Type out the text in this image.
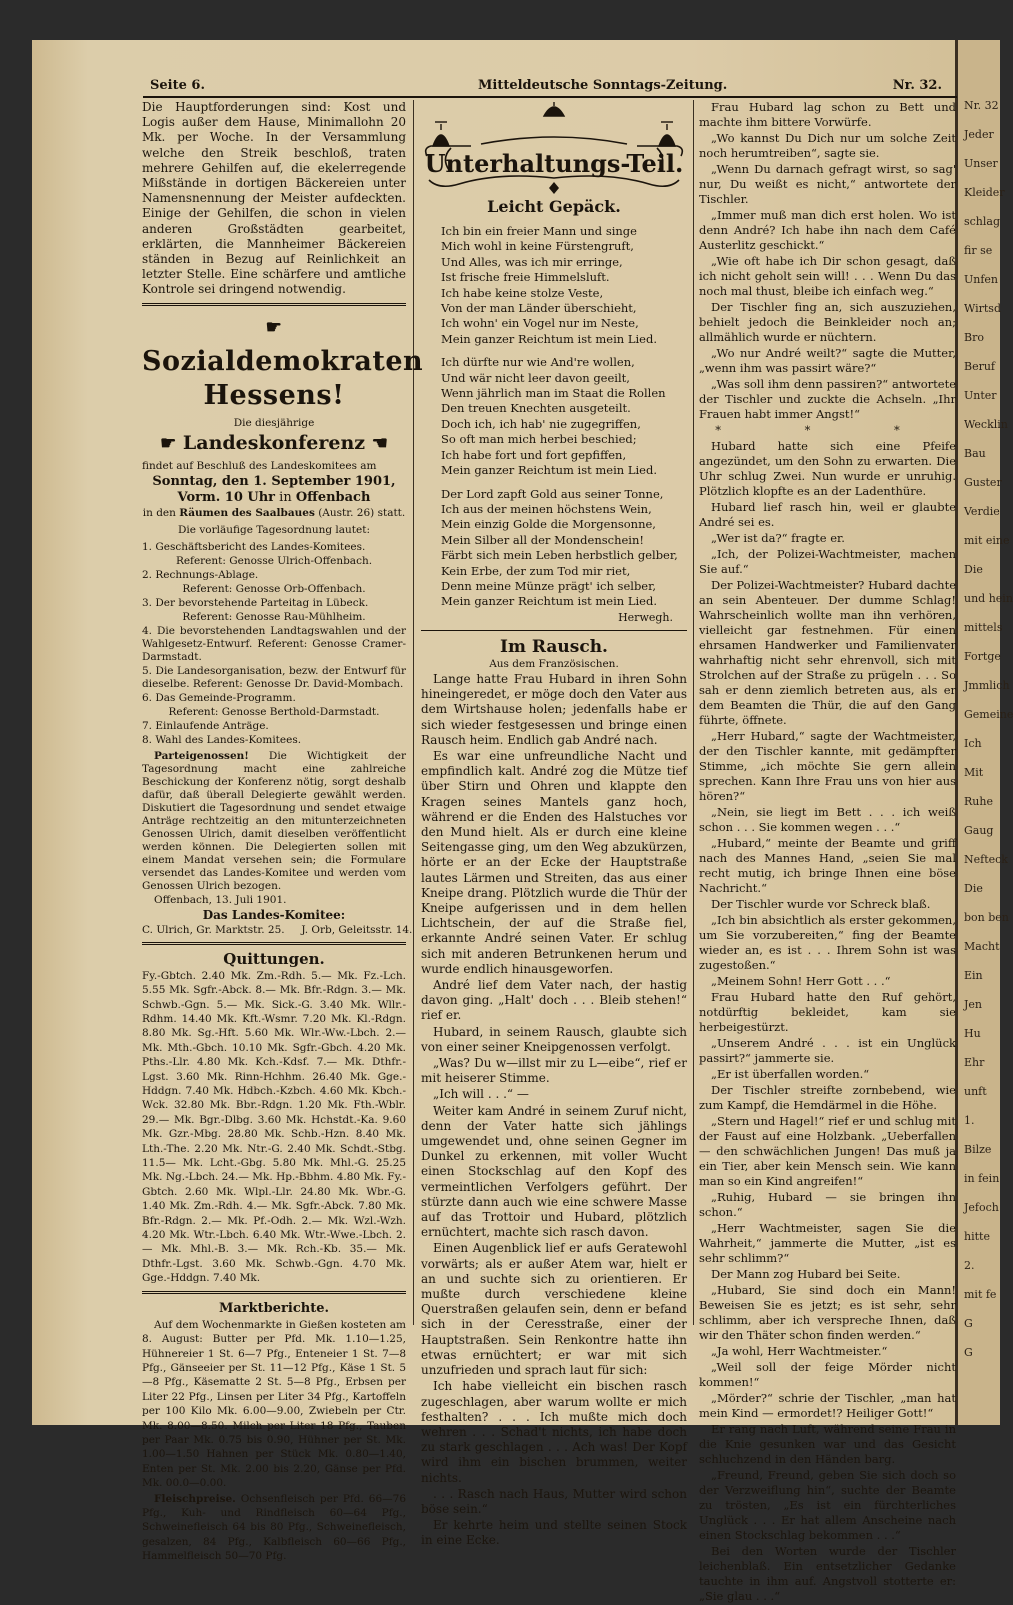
Nr. 32
Jeder
Unser
Kleider
schlag
fir se
Unfen
Wirtsd
Bro
Beruf
Unter
Wecklin
Bau
Guster
Verdie
mit eine
Die
und hein
mittels
Fortge
Jmmlich
Gemeine
Ich
Mit
Ruhe
Gaug
Nefteck
Die
bon ben
Macht
Ein
Jen
Hu
Ehr
unft
1.
Bilze
in fein
Jefoch
hitte
2.
mit fe
G
G
Seite 6.	Mitteldeutsche Sonntags-Zeitung.	Nr. 32.

Die Hauptforderungen sind: Kost und Logis außer dem Hause, Minimallohn 20 Mk. per Woche. In der Versammlung welche den Streik beschloß, traten mehrere Gehilfen auf, die ekelerregende Mißstände in dortigen Bäckereien unter Namensnennung der Meister aufdeckten. Einige der Gehilfen, die schon in vielen anderen Großstädten gearbeitet, erklärten, die Mannheimer Bäckereien ständen in Bezug auf Reinlichkeit an letzter Stelle. Eine schärfere und amtliche Kontrole sei dringend notwendig.

☛ Sozialdemokraten
Hessens!

Die diesjährige

☛ Landeskonferenz ☚

findet auf Beschluß des Landeskomitees am

Sonntag, den 1. September 1901,

Vorm. 10 Uhr in Offenbach

in den Räumen des Saalbaues (Austr. 26) statt.

Die vorläufige Tagesordnung lautet:

1. Geschäftsbericht des Landes-Komitees.

Referent: Genosse Ulrich-Offenbach.

2. Rechnungs-Ablage.

Referent: Genosse Orb-Offenbach.

3. Der bevorstehende Parteitag in Lübeck.

Referent: Genosse Rau-Mühlheim.

4. Die bevorstehenden Landtagswahlen und der Wahlgesetz-Entwurf. Referent: Genosse Cramer-Darmstadt.

5. Die Landesorganisation, bezw. der Entwurf für dieselbe. Referent: Genosse Dr. David-Mombach.

6. Das Gemeinde-Programm.

Referent: Genosse Berthold-Darmstadt.

7. Einlaufende Anträge.

8. Wahl des Landes-Komitees.

Parteigenossen! Die Wichtigkeit der Tagesordnung macht eine zahlreiche Beschickung der Konferenz nötig, sorgt deshalb dafür, daß überall Delegierte gewählt werden. Diskutiert die Tagesordnung und sendet etwaige Anträge rechtzeitig an den mitunterzeichneten Genossen Ulrich, damit dieselben veröffentlicht werden können. Die Delegierten sollen mit einem Mandat versehen sein; die Formulare versendet das Landes-Komitee und werden vom Genossen Ulrich bezogen.

Offenbach, 13. Juli 1901.

Das Landes-Komitee:

C. Ulrich, Gr. Marktstr. 25.     J. Orb, Geleitsstr. 14.

Quittungen.

Fy.-Gbtch. 2.40 Mk. Zm.-Rdh. 5.— Mk. Fz.-Lch. 5.55 Mk. Sgfr.-Abck. 8.— Mk. Bfr.-Rdgn. 3.— Mk. Schwb.-Ggn. 5.— Mk. Sick.-G. 3.40 Mk. Wllr.-Rdhm. 14.40 Mk. Kft.-Wsmr. 7.20 Mk. Kl.-Rdgn. 8.80 Mk. Sg.-Hft. 5.60 Mk. Wlr.-Ww.-Lbch. 2.— Mk. Mth.-Gbch. 10.10 Mk. Sgfr.-Gbch. 4.20 Mk. Pths.-Llr. 4.80 Mk. Kch.-Kdsf. 7.— Mk. Dthfr.-Lgst. 3.60 Mk. Rinn-Hchhm. 26.40 Mk. Gge.-Hddgn. 7.40 Mk. Hdbch.-Kzbch. 4.60 Mk. Kbch.-Wck. 32.80 Mk. Bbr.-Rdgn. 1.20 Mk. Fth.-Wblr. 29.— Mk. Bgr.-Dlbg. 3.60 Mk. Hchstdt.-Ka. 9.60 Mk. Gzr.-Mbg. 28.80 Mk. Schb.-Hzn. 8.40 Mk. Lth.-The. 2.20 Mk. Ntr.-G. 2.40 Mk. Schdt.-Stbg. 11.5— Mk. Lcht.-Gbg. 5.80 Mk. Mhl.-G. 25.25 Mk. Ng.-Lbch. 24.— Mk. Hp.-Bbhm. 4.80 Mk. Fy.-Gbtch. 2.60 Mk. Wlpl.-Llr. 24.80 Mk. Wbr.-G. 1.40 Mk. Zm.-Rdh. 4.— Mk. Sgfr.-Abck. 7.80 Mk. Bfr.-Rdgn. 2.— Mk. Pf.-Odh. 2.— Mk. Wzl.-Wzh. 4.20 Mk. Wtr.-Lbch. 6.40 Mk. Wtr.-Wwe.-Lbch. 2.— Mk. Mhl.-B. 3.— Mk. Rch.-Kb. 35.— Mk. Dthfr.-Lgst. 3.60 Mk. Schwb.-Ggn. 4.70 Mk. Gge.-Hddgn. 7.40 Mk.

Marktberichte.

Auf dem Wochenmarkte in Gießen kosteten am 8. August: Butter per Pfd. Mk. 1.10—1.25, Hühnereier 1 St. 6—7 Pfg., Enteneier 1 St. 7—8 Pfg., Gänseeier per St. 11—12 Pfg., Käse 1 St. 5—8 Pfg., Käsematte 2 St. 5—8 Pfg., Erbsen per Liter 22 Pfg., Linsen per Liter 34 Pfg., Kartoffeln per 100 Kilo Mk. 6.00—9.00, Zwiebeln per Ctr. Mk. 8.00—8.50. Milch per Liter 18 Pfg., Tauben per Paar Mk. 0.75 bis 0.90, Hühner per St. Mk. 1.00—1.50 Hahnen per Stück Mk. 0.80—1.40, Enten per St. Mk. 2.00 bis 2.20, Gänse per Pfd. Mk. 00.0—0.00.

Fleischpreise. Ochsenfleisch per Pfd. 66—76 Pfg., Kuh- und Rindfleisch 60—64 Pfg., Schweinefleisch 64 bis 80 Pfg., Schweinefleisch, gesalzen, 84 Pfg., Kalbfleisch 60—66 Pfg., Hammelfleisch 50—70 Pfg.

Unterhaltungs-Teil.
Leicht Gepäck.
Ich bin ein freier Mann und singe
Mich wohl in keine Fürstengruft,
Und Alles, was ich mir erringe,
Ist frische freie Himmelsluft.
Ich habe keine stolze Veste,
Von der man Länder überschieht,
Ich wohn' ein Vogel nur im Neste,
Mein ganzer Reichtum ist mein Lied.
Ich dürfte nur wie And're wollen,
Und wär nicht leer davon geeilt,
Wenn jährlich man im Staat die Rollen
Den treuen Knechten ausgeteilt.
Doch ich, ich hab' nie zugegriffen,
So oft man mich herbei beschied;
Ich habe fort und fort gepfiffen,
Mein ganzer Reichtum ist mein Lied.
Der Lord zapft Gold aus seiner Tonne,
Ich aus der meinen höchstens Wein,
Mein einzig Golde die Morgensonne,
Mein Silber all der Mondenschein!
Färbt sich mein Leben herbstlich gelber,
Kein Erbe, der zum Tod mir riet,
Denn meine Münze prägt' ich selber,
Mein ganzer Reichtum ist mein Lied.
Herwegh.
Im Rausch.

Aus dem Französischen.

Lange hatte Frau Hubard in ihren Sohn hineingeredet, er möge doch den Vater aus dem Wirtshause holen; jedenfalls habe er sich wieder festgesessen und bringe einen Rausch heim. Endlich gab André nach.

Es war eine unfreundliche Nacht und empfindlich kalt. André zog die Mütze tief über Stirn und Ohren und klappte den Kragen seines Mantels ganz hoch, während er die Enden des Halstuches vor den Mund hielt. Als er durch eine kleine Seitengasse ging, um den Weg abzukürzen, hörte er an der Ecke der Hauptstraße lautes Lärmen und Streiten, das aus einer Kneipe drang. Plötzlich wurde die Thür der Kneipe aufgerissen und in dem hellen Lichtschein, der auf die Straße fiel, erkannte André seinen Vater. Er schlug sich mit anderen Betrunkenen herum und wurde endlich hinausgeworfen.

André lief dem Vater nach, der hastig davon ging. „Halt' doch . . . Bleib stehen!“ rief er.

Hubard, in seinem Rausch, glaubte sich von einer seiner Kneipgenossen verfolgt.

„Was? Du w—illst mir zu L—eibe“, rief er mit heiserer Stimme.

„Ich will . . .“ —

Weiter kam André in seinem Zuruf nicht, denn der Vater hatte sich jählings umgewendet und, ohne seinen Gegner im Dunkel zu erkennen, mit voller Wucht einen Stockschlag auf den Kopf des vermeintlichen Verfolgers geführt. Der stürzte dann auch wie eine schwere Masse auf das Trottoir und Hubard, plötzlich ernüchtert, machte sich rasch davon.

Einen Augenblick lief er aufs Geratewohl vorwärts; als er außer Atem war, hielt er an und suchte sich zu orientieren. Er mußte durch verschiedene kleine Querstraßen gelaufen sein, denn er befand sich in der Ceresstraße, einer der Hauptstraßen. Sein Renkontre hatte ihn etwas ernüchtert; er war mit sich unzufrieden und sprach laut für sich:

Ich habe vielleicht ein bischen rasch zugeschlagen, aber warum wollte er mich festhalten? . . . Ich mußte mich doch wehren . . . Schad't nichts, ich habe doch zu stark geschlagen . . . Ach was! Der Kopf wird ihm ein bischen brummen, weiter nichts.

. . . Rasch nach Haus, Mutter wird schon böse sein.“

Er kehrte heim und stellte seinen Stock in eine Ecke.

Frau Hubard lag schon zu Bett und machte ihm bittere Vorwürfe.

„Wo kannst Du Dich nur um solche Zeit noch herumtreiben“, sagte sie.

„Wenn Du darnach gefragt wirst, so sag' nur, Du weißt es nicht,“ antwortete der Tischler.

„Immer muß man dich erst holen. Wo ist denn André? Ich habe ihn nach dem Café Austerlitz geschickt.“

„Wie oft habe ich Dir schon gesagt, daß ich nicht geholt sein will! . . . Wenn Du das noch mal thust, bleibe ich einfach weg.“

Der Tischler fing an, sich auszuziehen, behielt jedoch die Beinkleider noch an; allmählich wurde er nüchtern.

„Wo nur André weilt?“ sagte die Mutter, „wenn ihm was passirt wäre?“

„Was soll ihm denn passiren?“ antwortete der Tischler und zuckte die Achseln. „Ihr Frauen habt immer Angst!“

* * *

Hubard hatte sich eine Pfeife angezündet, um den Sohn zu erwarten. Die Uhr schlug Zwei. Nun wurde er unruhig. Plötzlich klopfte es an der Ladenthüre.

Hubard lief rasch hin, weil er glaubte André sei es.

„Wer ist da?“ fragte er.

„Ich, der Polizei-Wachtmeister, machen Sie auf.“

Der Polizei-Wachtmeister? Hubard dachte an sein Abenteuer. Der dumme Schlag! Wahrscheinlich wollte man ihn verhören, vielleicht gar festnehmen. Für einen ehrsamen Handwerker und Familienvater wahrhaftig nicht sehr ehrenvoll, sich mit Strolchen auf der Straße zu prügeln . . . So sah er denn ziemlich betreten aus, als er dem Beamten die Thür, die auf den Gang führte, öffnete.

„Herr Hubard,“ sagte der Wachtmeister, der den Tischler kannte, mit gedämpfter Stimme, „ich möchte Sie gern allein sprechen. Kann Ihre Frau uns von hier aus hören?“

„Nein, sie liegt im Bett . . . ich weiß schon . . . Sie kommen wegen . . .“

„Hubard,“ meinte der Beamte und griff nach des Mannes Hand, „seien Sie mal recht mutig, ich bringe Ihnen eine böse Nachricht.“

Der Tischler wurde vor Schreck blaß.

„Ich bin absichtlich als erster gekommen, um Sie vorzubereiten,“ fing der Beamte wieder an, es ist . . . Ihrem Sohn ist was zugestoßen.“

„Meinem Sohn! Herr Gott . . .“

Frau Hubard hatte den Ruf gehört, notdürftig bekleidet, kam sie herbeigestürzt.

„Unserem André . . . ist ein Unglück passirt?“ jammerte sie.

„Er ist überfallen worden.“

Der Tischler streifte zornbebend, wie zum Kampf, die Hemdärmel in die Höhe.

„Stern und Hagel!“ rief er und schlug mit der Faust auf eine Holzbank. „Ueberfallen — den schwächlichen Jungen! Das muß ja ein Tier, aber kein Mensch sein. Wie kann man so ein Kind angreifen!“

„Ruhig, Hubard — sie bringen ihn schon.“

„Herr Wachtmeister, sagen Sie die Wahrheit,“ jammerte die Mutter, „ist es sehr schlimm?“

Der Mann zog Hubard bei Seite.

„Hubard, Sie sind doch ein Mann! Beweisen Sie es jetzt; es ist sehr, sehr schlimm, aber ich verspreche Ihnen, daß wir den Thäter schon finden werden.“

„Ja wohl, Herr Wachtmeister.“

„Weil soll der feige Mörder nicht kommen!“

„Mörder?“ schrie der Tischler, „man hat mein Kind — ermordet!? Heiliger Gott!“

Er rang nach Luft, während seine Frau in die Knie gesunken war und das Gesicht schluchzend in den Händen barg.

„Freund, Freund, geben Sie sich doch so der Verzweiflung hin“, suchte der Beamte zu trösten, „Es ist ein fürchterliches Unglück . . . Er hat allem Anscheine nach einen Stockschlag bekommen . . .“

Bei den Worten wurde der Tischler leichenblaß. Ein entsetzlicher Gedanke tauchte in ihm auf. Angstvoll stotterte er: „Sie glau . . .“
